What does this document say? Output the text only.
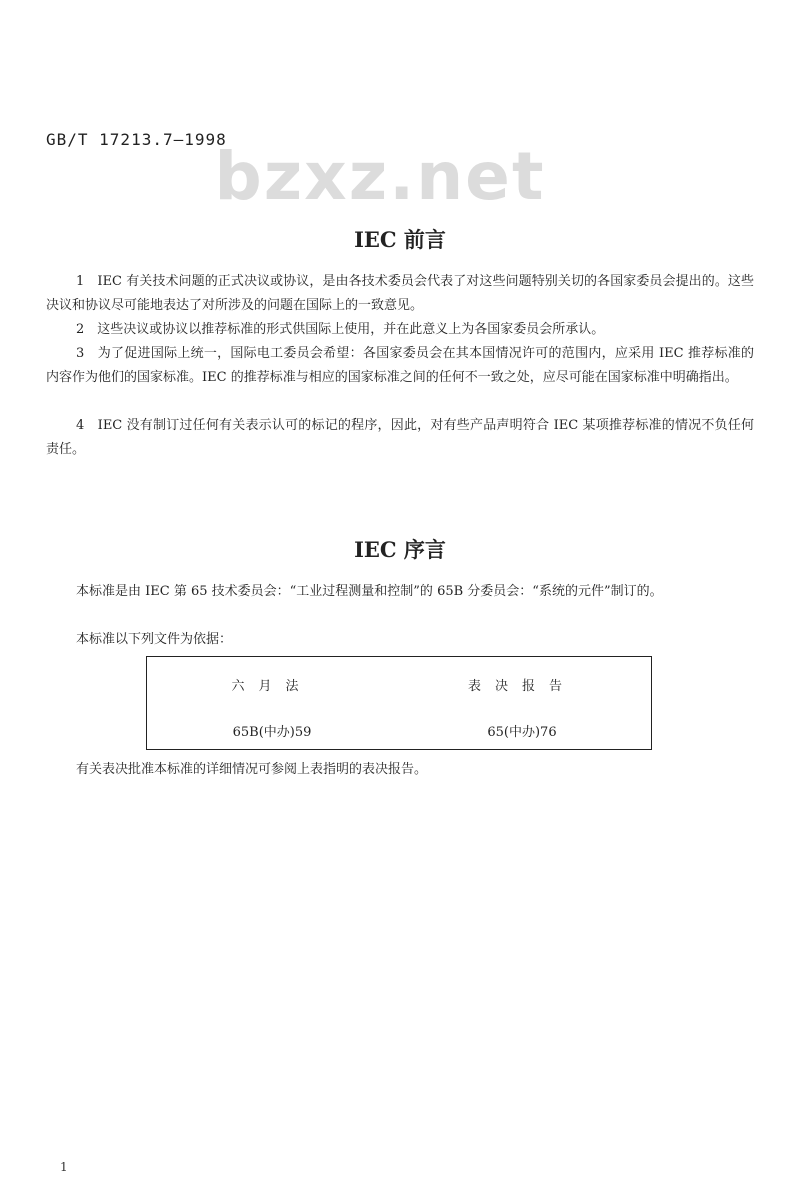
GB/T 17213.7—1998
bzxz.net
IEC 前言
1　IEC 有关技术问题的正式决议或协议，是由各技术委员会代表了对这些问题特别关切的各国家委员会提出的。这些决议和协议尽可能地表达了对所涉及的问题在国际上的一致意见。
2　这些决议或协议以推荐标准的形式供国际上使用，并在此意义上为各国家委员会所承认。
3　为了促进国际上统一，国际电工委员会希望：各国家委员会在其本国情况许可的范围内，应采用 IEC 推荐标准的内容作为他们的国家标准。IEC 的推荐标准与相应的国家标准之间的任何不一致之处，应尽可能在国家标准中明确指出。
4　IEC 没有制订过任何有关表示认可的标记的程序，因此，对有些产品声明符合 IEC 某项推荐标准的情况不负任何责任。
IEC 序言
本标准是由 IEC 第 65 技术委员会：“工业过程测量和控制”的 65B 分委员会：“系统的元件”制订的。
本标准以下列文件为依据：
六月法	表决报告
65B(中办)59	65(中办)76
有关表决批准本标准的详细情况可参阅上表指明的表决报告。
1
